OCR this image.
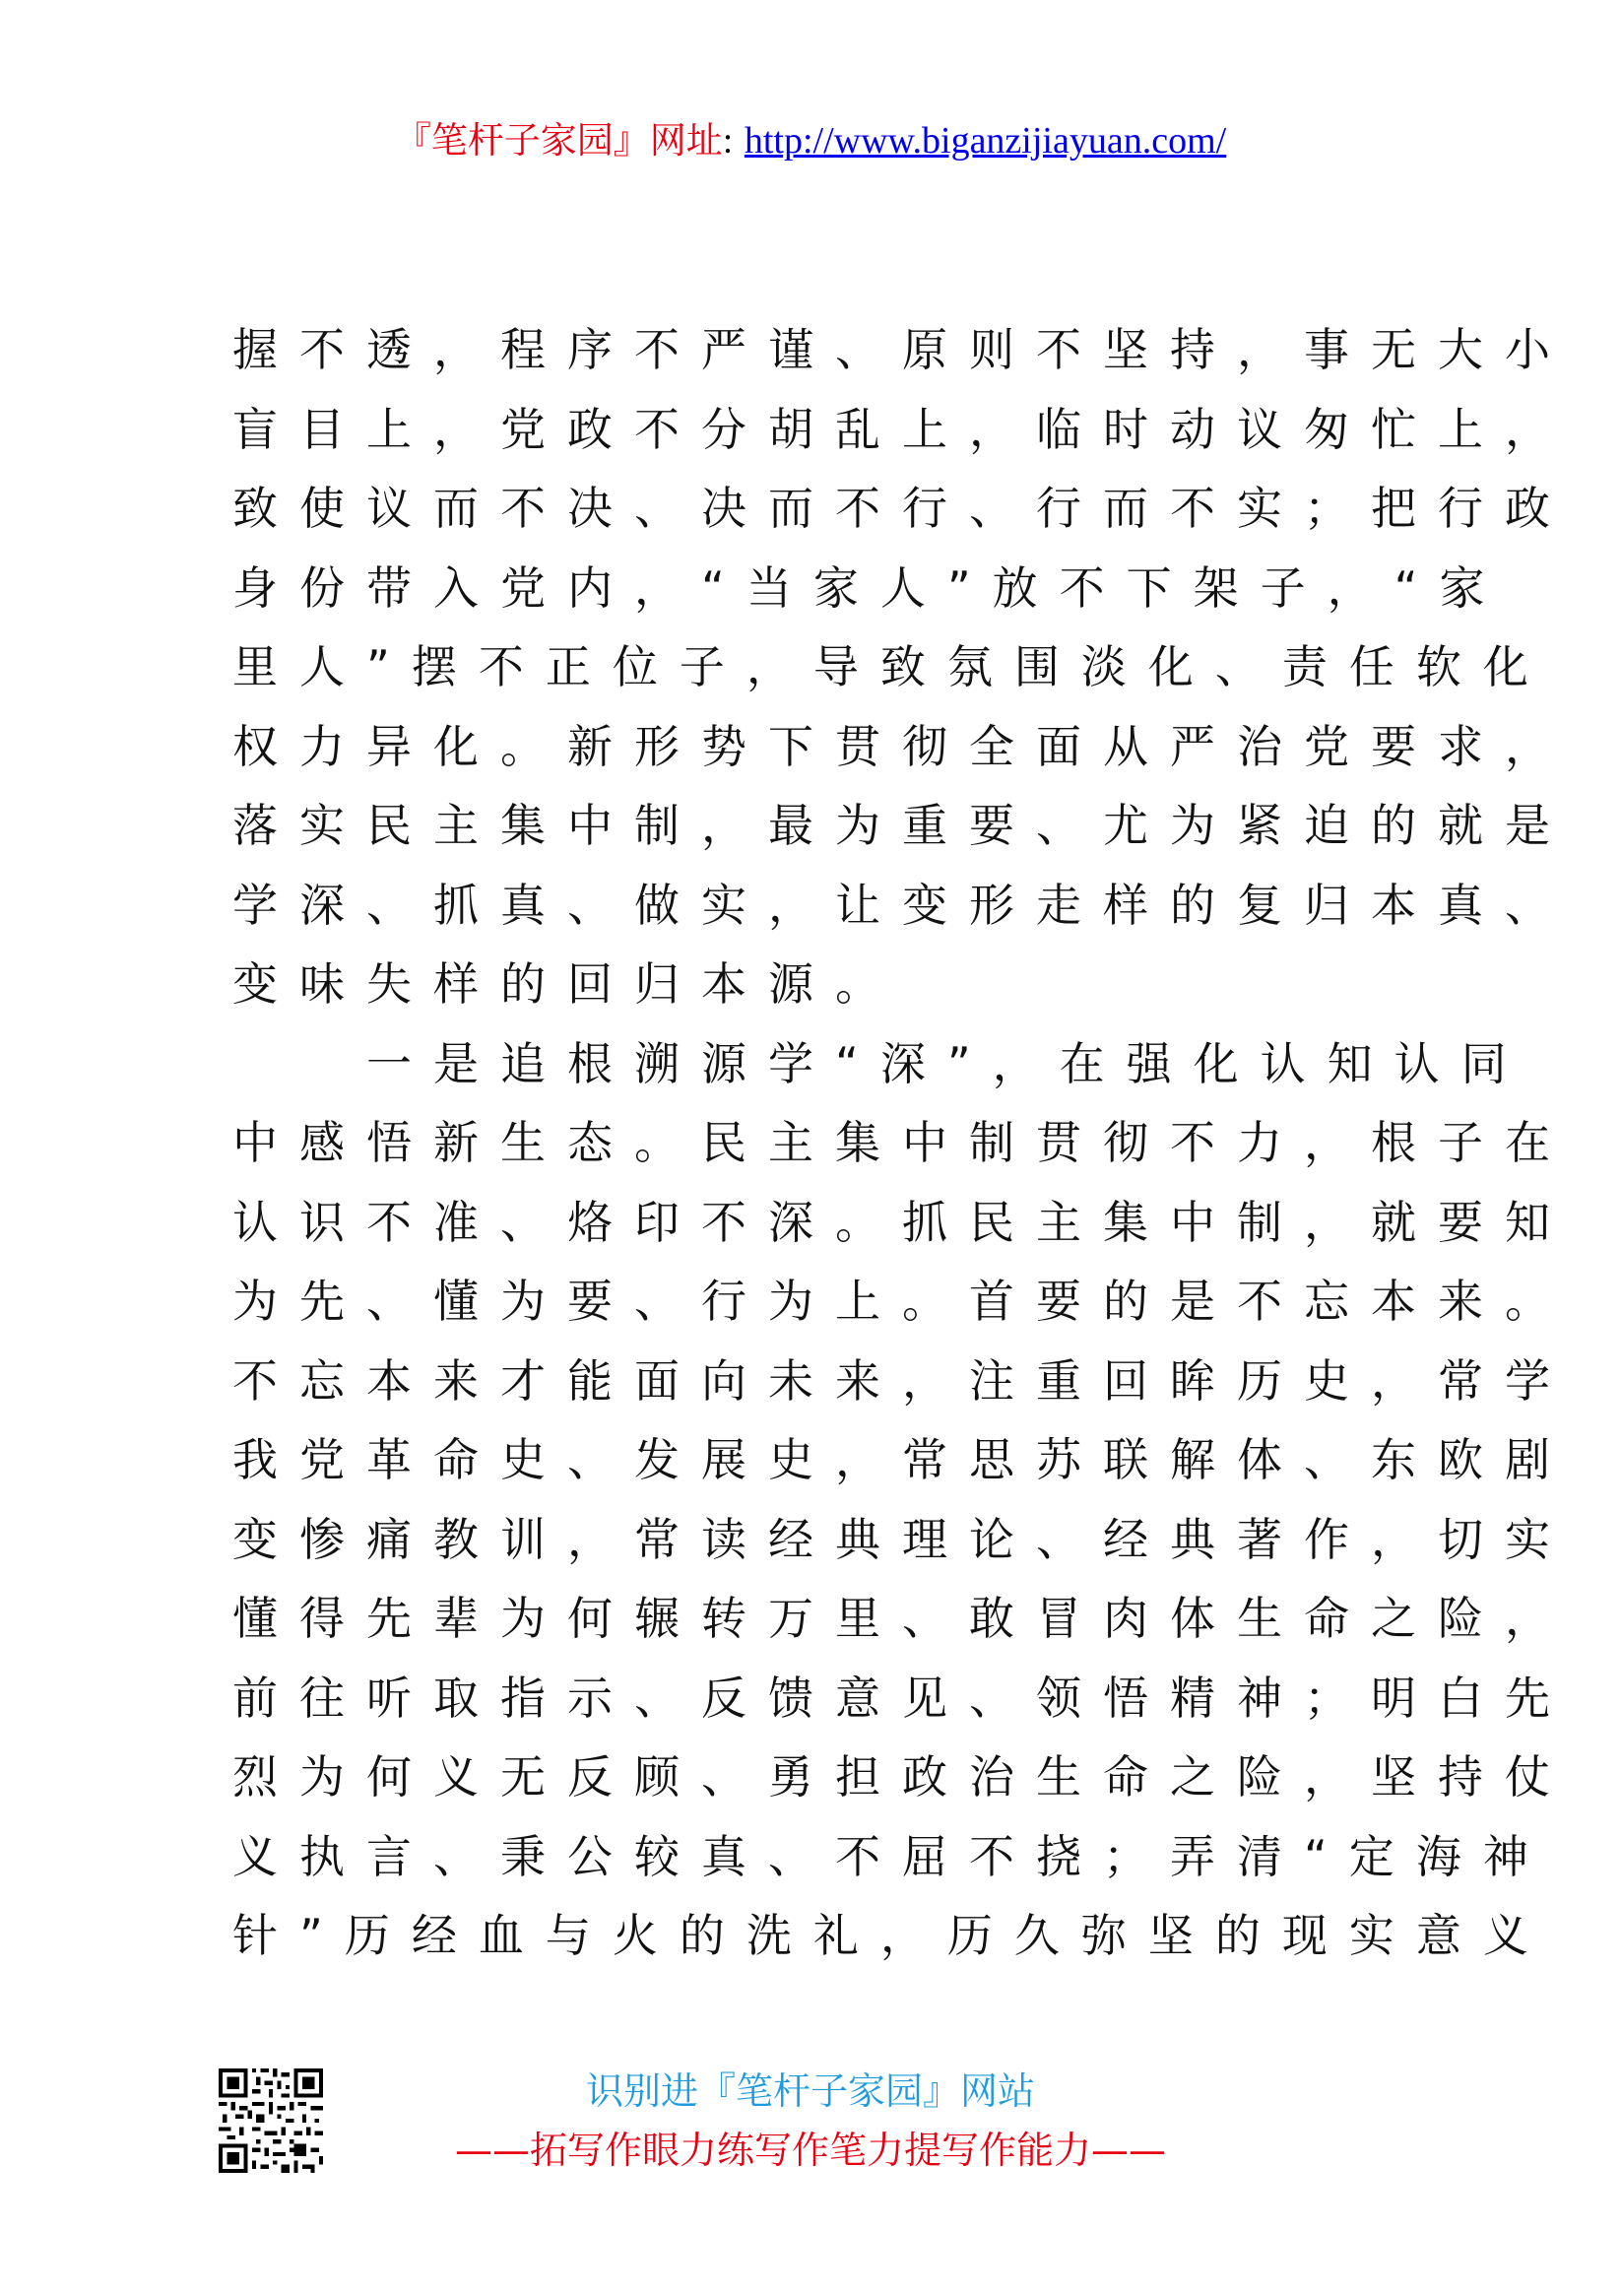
『笔杆子家园』网址: http://www.biganzijiayuan.com/
握不透，程序不严谨、原则不坚持，事无大小
盲目上，党政不分胡乱上，临时动议匆忙上，
致使议而不决、决而不行、行而不实；把行政
身份带入党内，“当家人”放不下架子，“家
里人”摆不正位子，导致氛围淡化、责任软化
权力异化。新形势下贯彻全面从严治党要求，
落实民主集中制，最为重要、尤为紧迫的就是
学深、抓真、做实，让变形走样的复归本真、
变味失样的回归本源。
一是追根溯源学“深”，在强化认知认同
中感悟新生态。民主集中制贯彻不力，根子在
认识不准、烙印不深。抓民主集中制，就要知
为先、懂为要、行为上。首要的是不忘本来。
不忘本来才能面向未来，注重回眸历史，常学
我党革命史、发展史，常思苏联解体、东欧剧
变惨痛教训，常读经典理论、经典著作，切实
懂得先辈为何辗转万里、敢冒肉体生命之险，
前往听取指示、反馈意见、领悟精神；明白先
烈为何义无反顾、勇担政治生命之险，坚持仗
义执言、秉公较真、不屈不挠；弄清“定海神
针”历经血与火的洗礼，历久弥坚的现实意义
识别进『笔杆子家园』网站
——拓写作眼力练写作笔力提写作能力——
